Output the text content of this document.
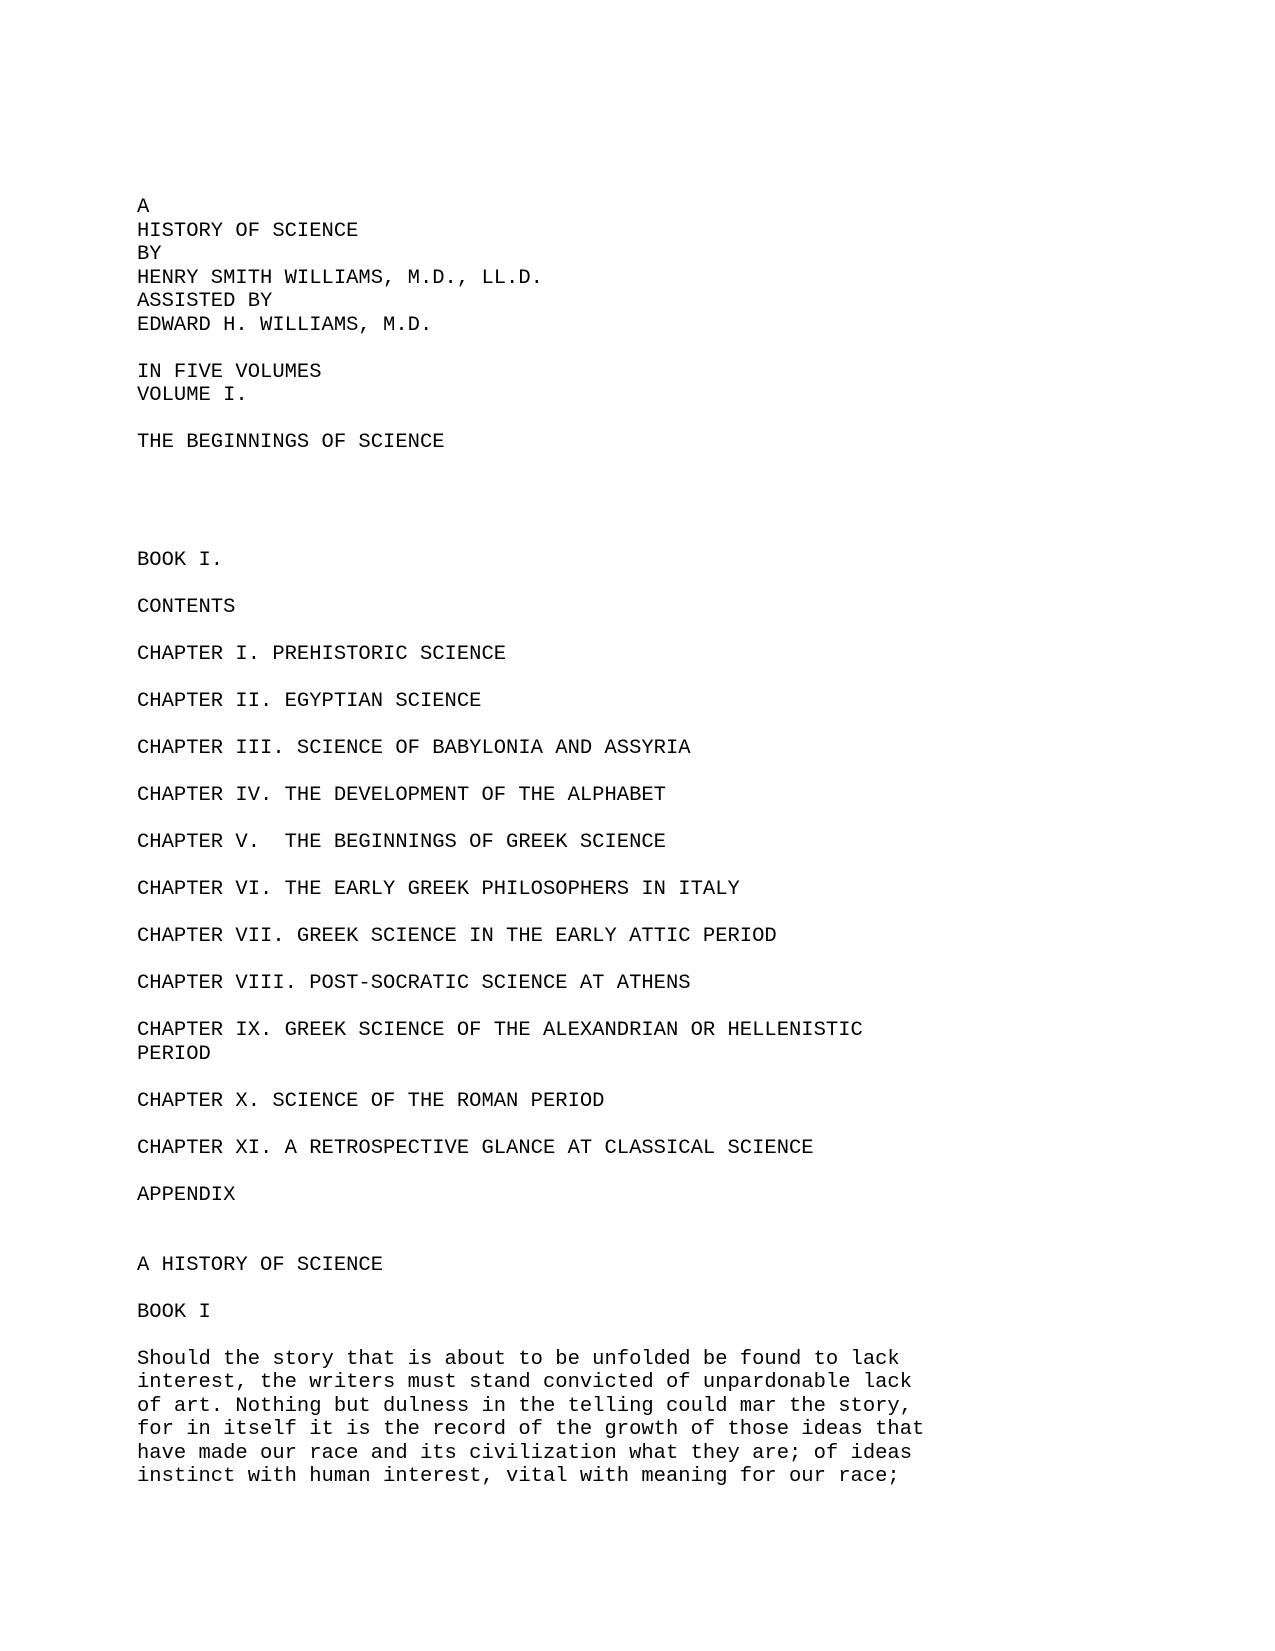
A
HISTORY OF SCIENCE
BY
HENRY SMITH WILLIAMS, M.D., LL.D.
ASSISTED BY
EDWARD H. WILLIAMS, M.D.
IN FIVE VOLUMES
VOLUME I.
THE BEGINNINGS OF SCIENCE
BOOK I.
CONTENTS
CHAPTER I. PREHISTORIC SCIENCE
CHAPTER II. EGYPTIAN SCIENCE
CHAPTER III. SCIENCE OF BABYLONIA AND ASSYRIA
CHAPTER IV. THE DEVELOPMENT OF THE ALPHABET
CHAPTER V.  THE BEGINNINGS OF GREEK SCIENCE
CHAPTER VI. THE EARLY GREEK PHILOSOPHERS IN ITALY
CHAPTER VII. GREEK SCIENCE IN THE EARLY ATTIC PERIOD
CHAPTER VIII. POST-SOCRATIC SCIENCE AT ATHENS
CHAPTER IX. GREEK SCIENCE OF THE ALEXANDRIAN OR HELLENISTIC
PERIOD
CHAPTER X. SCIENCE OF THE ROMAN PERIOD
CHAPTER XI. A RETROSPECTIVE GLANCE AT CLASSICAL SCIENCE
APPENDIX
A HISTORY OF SCIENCE
BOOK I
Should the story that is about to be unfolded be found to lack
interest, the writers must stand convicted of unpardonable lack
of art. Nothing but dulness in the telling could mar the story,
for in itself it is the record of the growth of those ideas that
have made our race and its civilization what they are; of ideas
instinct with human interest, vital with meaning for our race;
